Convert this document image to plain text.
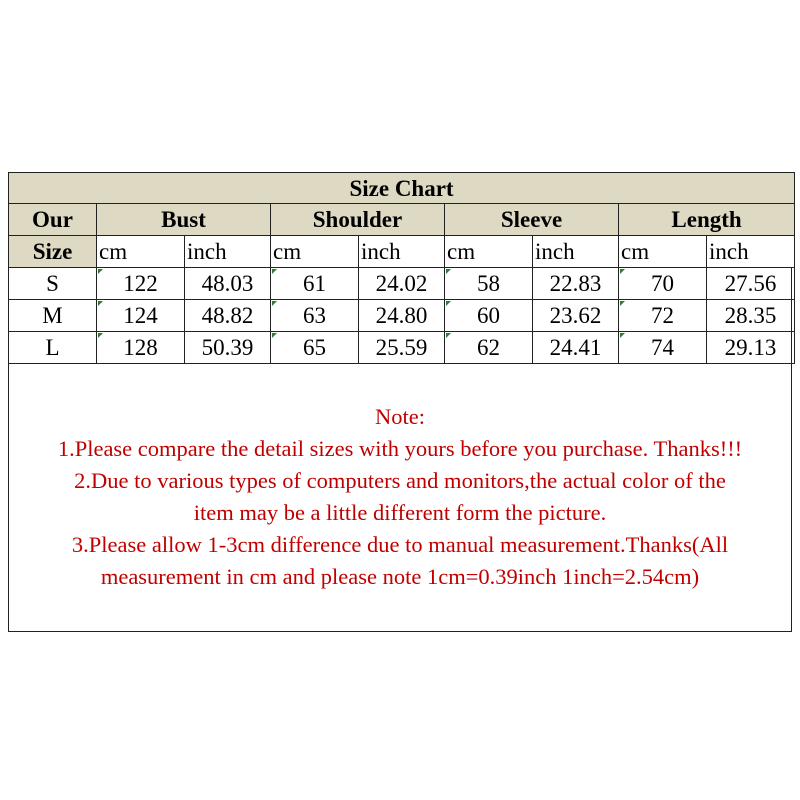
Size Chart								
Our	Bust		Shoulder		Sleeve		Length	
Size	cm	inch	cm	inch	cm	inch	cm	inch
S	122	48.03	61	24.02	58	22.83	70	27.56
M	124	48.82	63	24.80	60	23.62	72	28.35
L	128	50.39	65	25.59	62	24.41	74	29.13
Note:
1.Please compare the detail sizes with yours before you purchase. Thanks!!!
2.Due to various types of computers and monitors,the actual color of the
item may be a little different form the picture.
3.Please allow 1-3cm difference due to manual measurement.Thanks(All
measurement in cm and please note 1cm=0.39inch 1inch=2.54cm)
